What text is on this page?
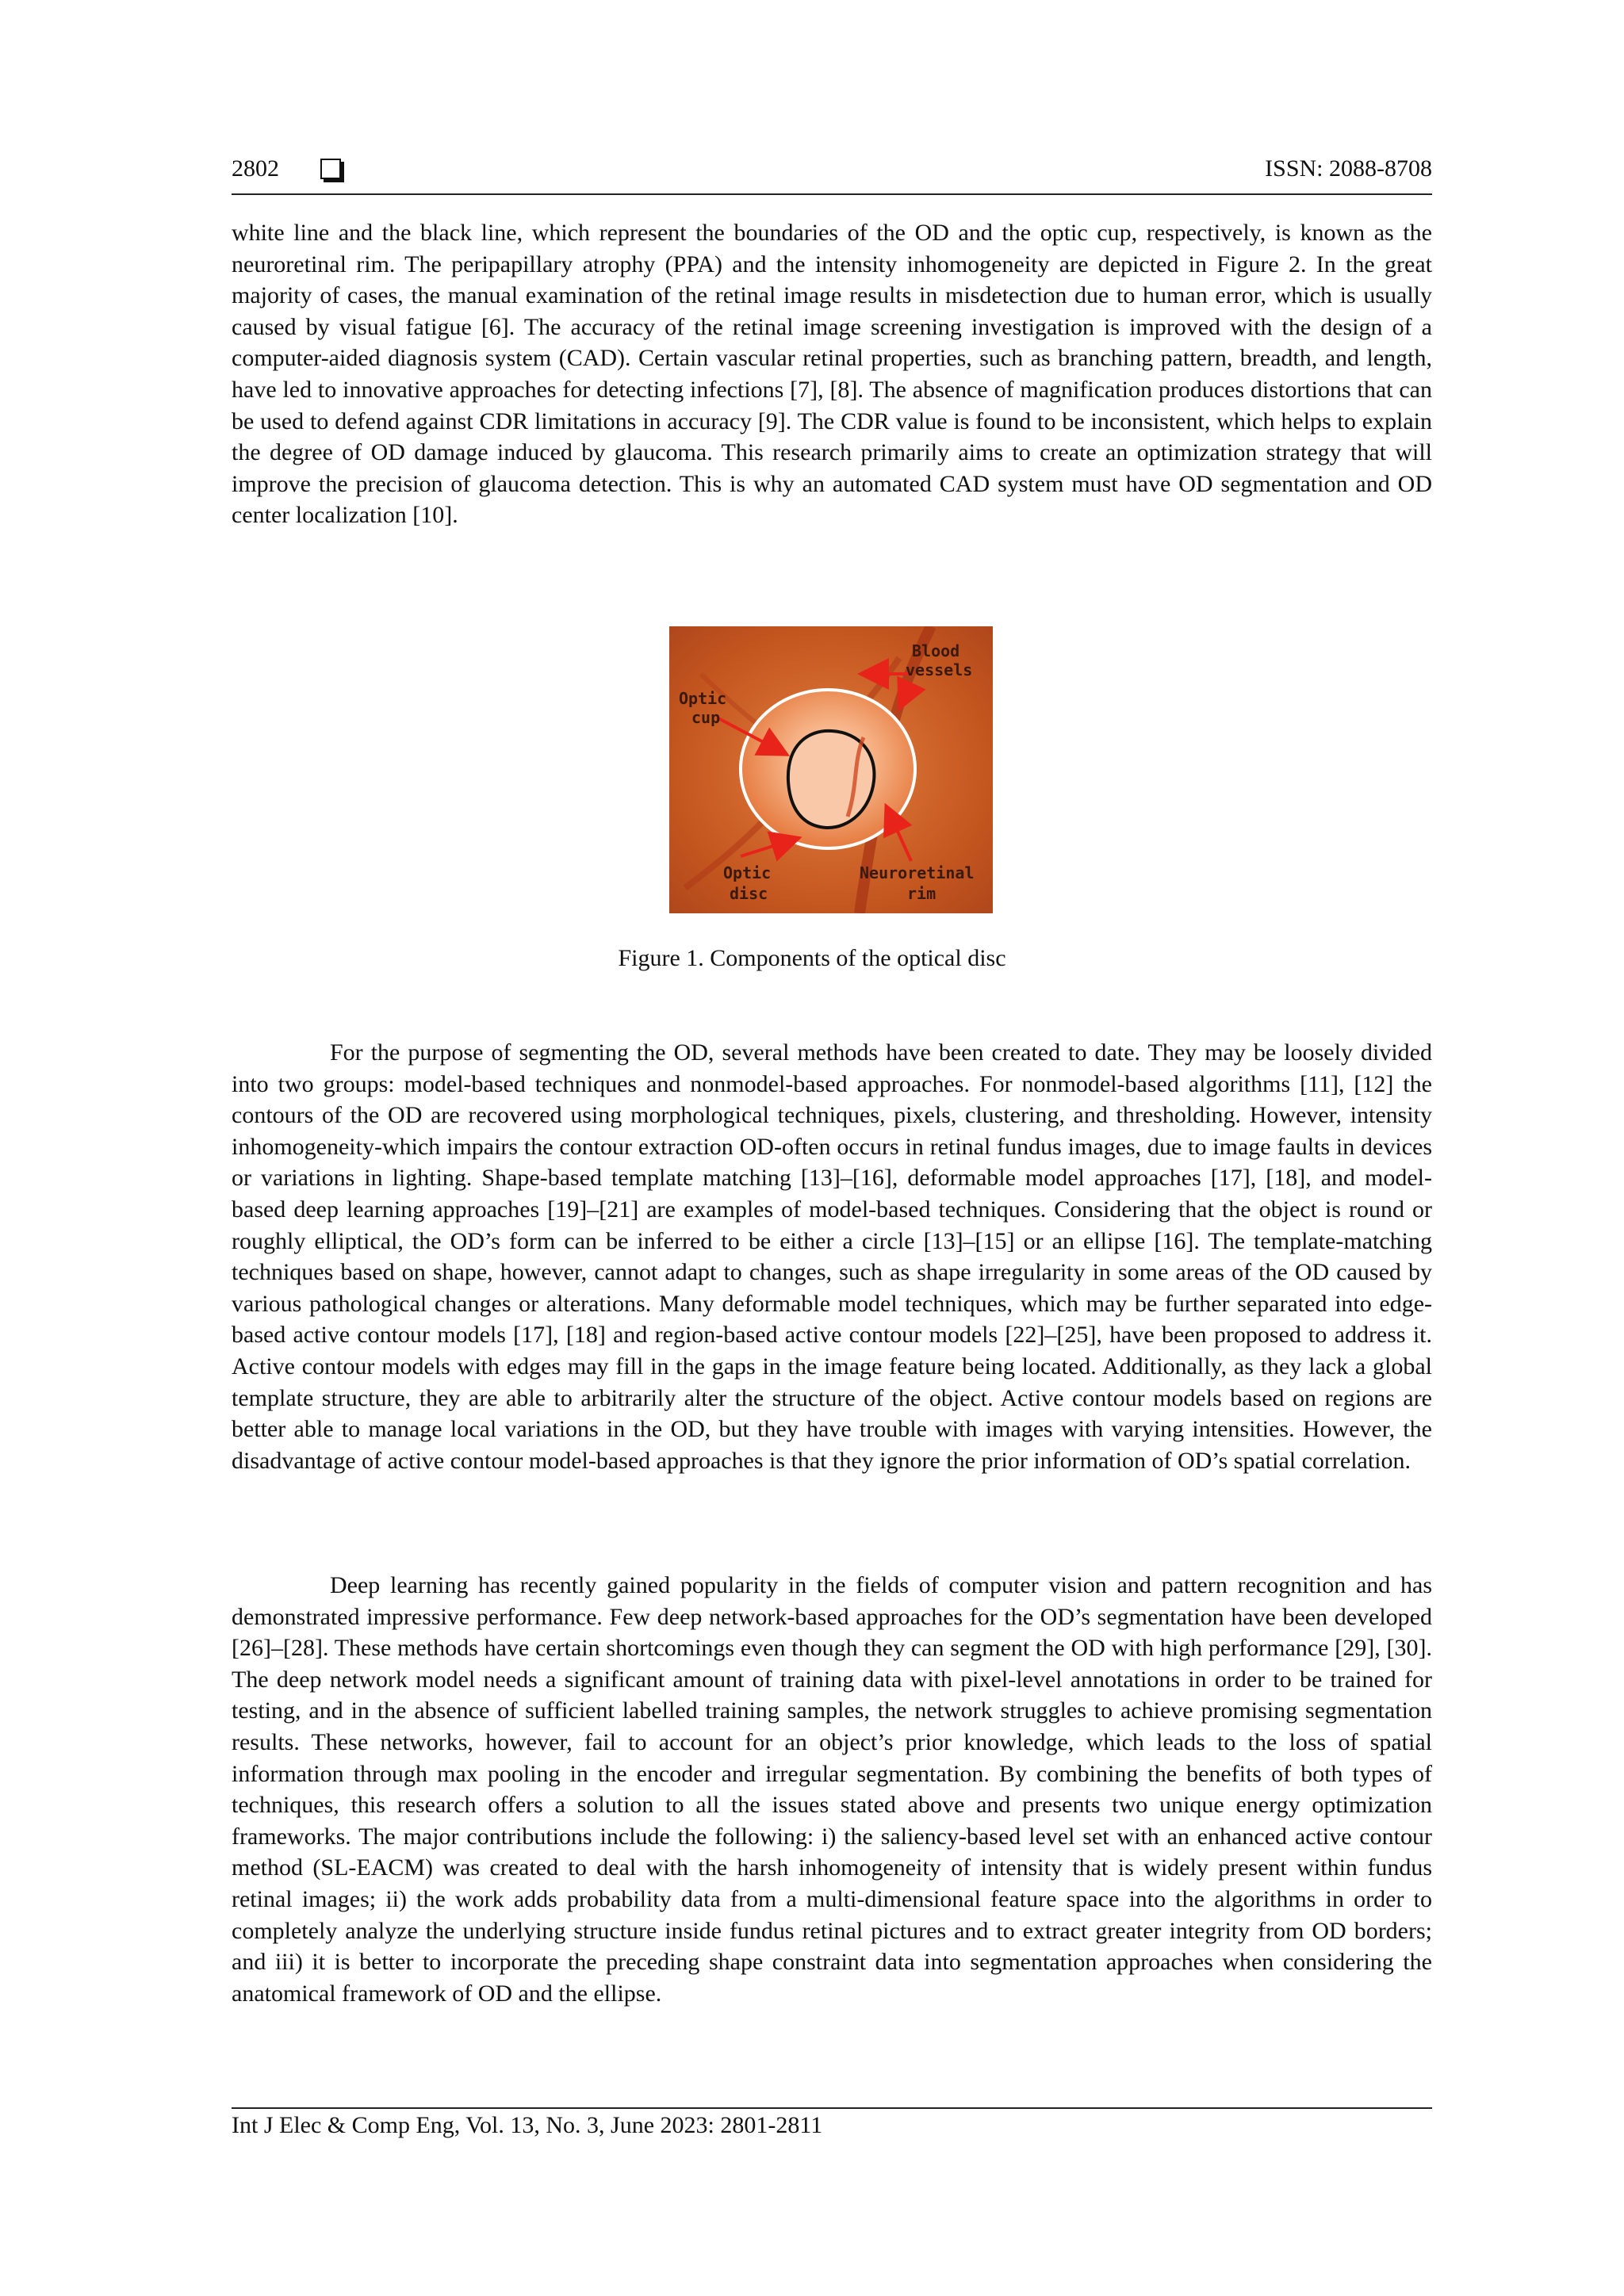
2802	ISSN: 2088-8708

white line and the black line, which represent the boundaries of the OD and the optic cup, respectively, is known as the neuroretinal rim. The peripapillary atrophy (PPA) and the intensity inhomogeneity are depicted in Figure 2. In the great majority of cases, the manual examination of the retinal image results in misdetection due to human error, which is usually caused by visual fatigue [6]. The accuracy of the retinal image screening investigation is improved with the design of a computer-aided diagnosis system (CAD). Certain vascular retinal properties, such as branching pattern, breadth, and length, have led to innovative approaches for detecting infections [7], [8]. The absence of magnification produces distortions that can be used to defend against CDR limitations in accuracy [9]. The CDR value is found to be inconsistent, which helps to explain the degree of OD damage induced by glaucoma. This research primarily aims to create an optimization strategy that will improve the precision of glaucoma detection. This is why an automated CAD system must have OD segmentation and OD center localization [10].

Blood
vessels
Optic
cup
Optic
disc
Neuroretinal
rim
Figure 1. Components of the optical disc

For the purpose of segmenting the OD, several methods have been created to date. They may be loosely divided into two groups: model-based techniques and nonmodel-based approaches. For nonmodel-based algorithms [11], [12] the contours of the OD are recovered using morphological techniques, pixels, clustering, and thresholding. However, intensity inhomogeneity-which impairs the contour extraction OD-often occurs in retinal fundus images, due to image faults in devices or variations in lighting. Shape-based template matching [13]–[16], deformable model approaches [17], [18], and model-based deep learning approaches [19]–[21] are examples of model-based techniques. Considering that the object is round or roughly elliptical, the OD’s form can be inferred to be either a circle [13]–[15] or an ellipse [16]. The template-matching techniques based on shape, however, cannot adapt to changes, such as shape irregularity in some areas of the OD caused by various pathological changes or alterations. Many deformable model techniques, which may be further separated into edge-based active contour models [17], [18] and region-based active contour models [22]–[25], have been proposed to address it. Active contour models with edges may fill in the gaps in the image feature being located. Additionally, as they lack a global template structure, they are able to arbitrarily alter the structure of the object. Active contour models based on regions are better able to manage local variations in the OD, but they have trouble with images with varying intensities. However, the disadvantage of active contour model-based approaches is that they ignore the prior information of OD’s spatial correlation.

Deep learning has recently gained popularity in the fields of computer vision and pattern recognition and has demonstrated impressive performance. Few deep network-based approaches for the OD’s segmentation have been developed [26]–[28]. These methods have certain shortcomings even though they can segment the OD with high performance [29], [30]. The deep network model needs a significant amount of training data with pixel-level annotations in order to be trained for testing, and in the absence of sufficient labelled training samples, the network struggles to achieve promising segmentation results. These networks, however, fail to account for an object’s prior knowledge, which leads to the loss of spatial information through max pooling in the encoder and irregular segmentation. By combining the benefits of both types of techniques, this research offers a solution to all the issues stated above and presents two unique energy optimization frameworks. The major contributions include the following: i) the saliency-based level set with an enhanced active contour method (SL-EACM) was created to deal with the harsh inhomogeneity of intensity that is widely present within fundus retinal images; ii) the work adds probability data from a multi-dimensional feature space into the algorithms in order to completely analyze the underlying structure inside fundus retinal pictures and to extract greater integrity from OD borders; and iii) it is better to incorporate the preceding shape constraint data into segmentation approaches when considering the anatomical framework of OD and the ellipse.

Int J Elec & Comp Eng, Vol. 13, No. 3, June 2023: 2801-2811
